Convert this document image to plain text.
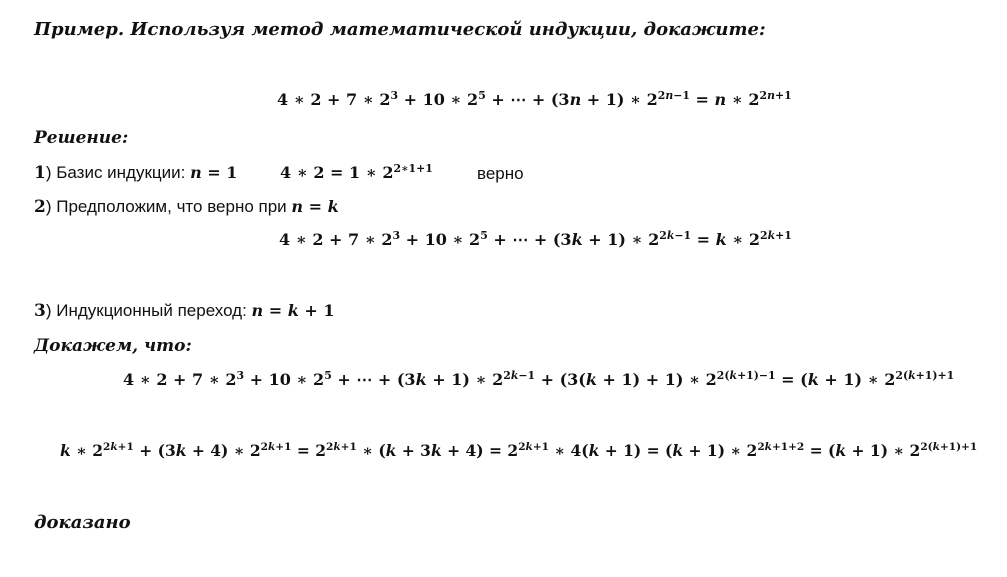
Пример. Используя метод математической индукции, докажите:
4 ∗ 2 + 7 ∗ $2^3 + 10$ ∗ $2^5$ + ⋯ + (3n + 1) ∗ $2^{2n-1} = n$ ∗ $2^{2n+1}$
Решение:
1) Базис индукции: n = 1	4 ∗ 2 = 1 ∗ $2^{2∗1+1}$	верно
2) Предположим, что верно при n = k
4 ∗ 2 + 7 ∗ $2^3 + 10$ ∗ $2^5$ + ⋯ + (3k + 1) ∗ $2^{2k-1} = k$ ∗ $2^{2k+1}$
3) Индукционный переход: n = k + 1
Докажем, что:
4 ∗ 2 + 7 ∗ $2^3 + 10$ ∗ $2^5$ + ⋯ + (3k + 1) ∗ $2^{2k-1} + (3(k + 1) + 1)$ ∗ $2^{2(k+1)-1} = (k + 1)$ ∗ $2^{2(k+1)+1}$
k ∗ $2^{2k+1} + (3k + 4)$ ∗ $2^{2k+1} = 2^{2k+1}$ ∗ $(k + 3k + 4) = 2^{2k+1}$ ∗ 4(k + 1) = (k + 1) ∗ $2^{2k+1+2} = (k + 1)$ ∗ $2^{2(k+1)+1}$
доказано
